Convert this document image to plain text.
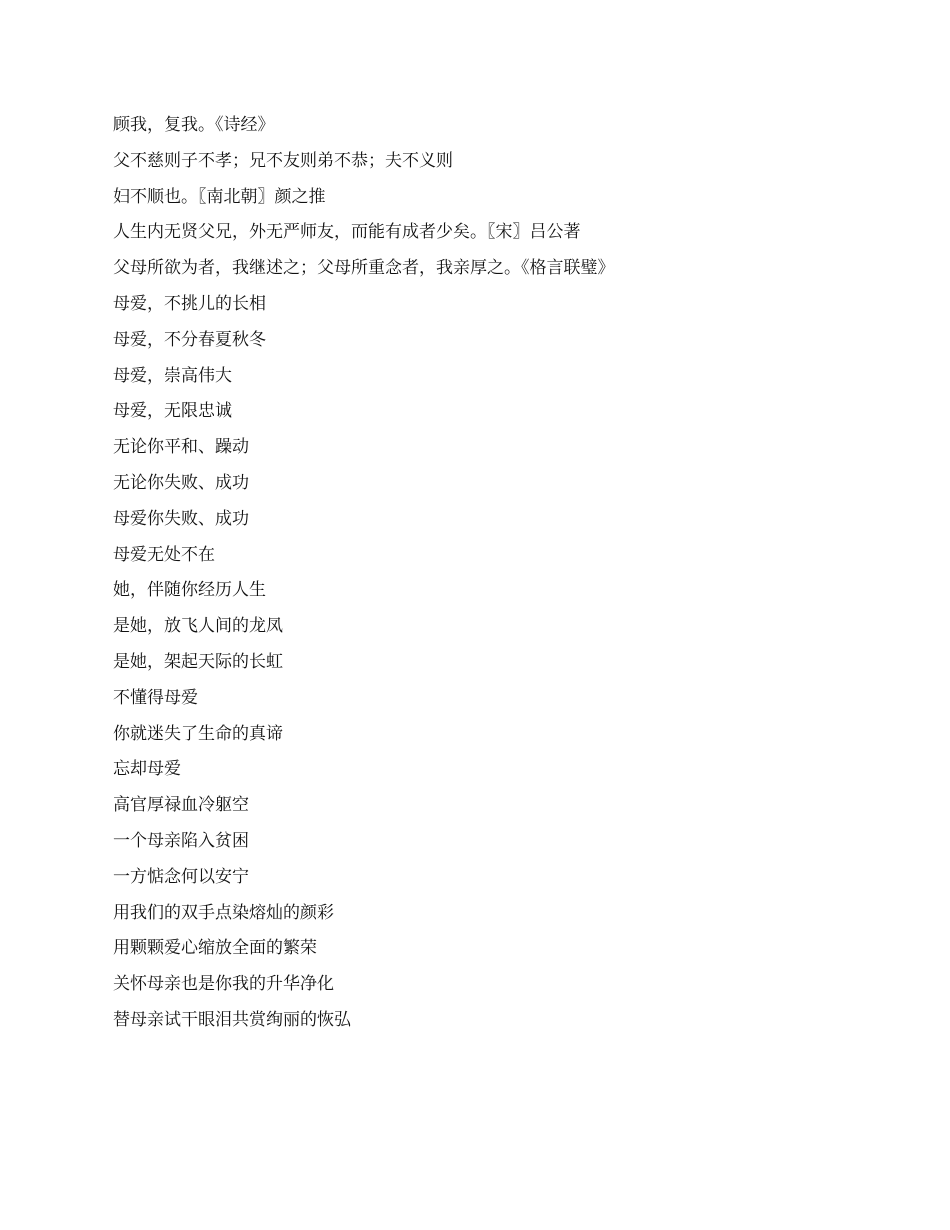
顾我，复我。《诗经》
父不慈则子不孝；兄不友则弟不恭；夫不义则
妇不顺也。〖南北朝〗颜之推
人生内无贤父兄，外无严师友，而能有成者少矣。〖宋〗吕公著
父母所欲为者，我继述之；父母所重念者，我亲厚之。《格言联璧》
母爱，不挑儿的长相
母爱，不分春夏秋冬
母爱，崇高伟大
母爱，无限忠诚
无论你平和、躁动
无论你失败、成功
母爱你失败、成功
母爱无处不在
她，伴随你经历人生
是她，放飞人间的龙凤
是她，架起天际的长虹
不懂得母爱
你就迷失了生命的真谛
忘却母爱
高官厚禄血冷躯空
一个母亲陷入贫困
一方惦念何以安宁
用我们的双手点染熔灿的颜彩
用颗颗爱心缩放全面的繁荣
关怀母亲也是你我的升华净化
替母亲试干眼泪共赏绚丽的恢弘
